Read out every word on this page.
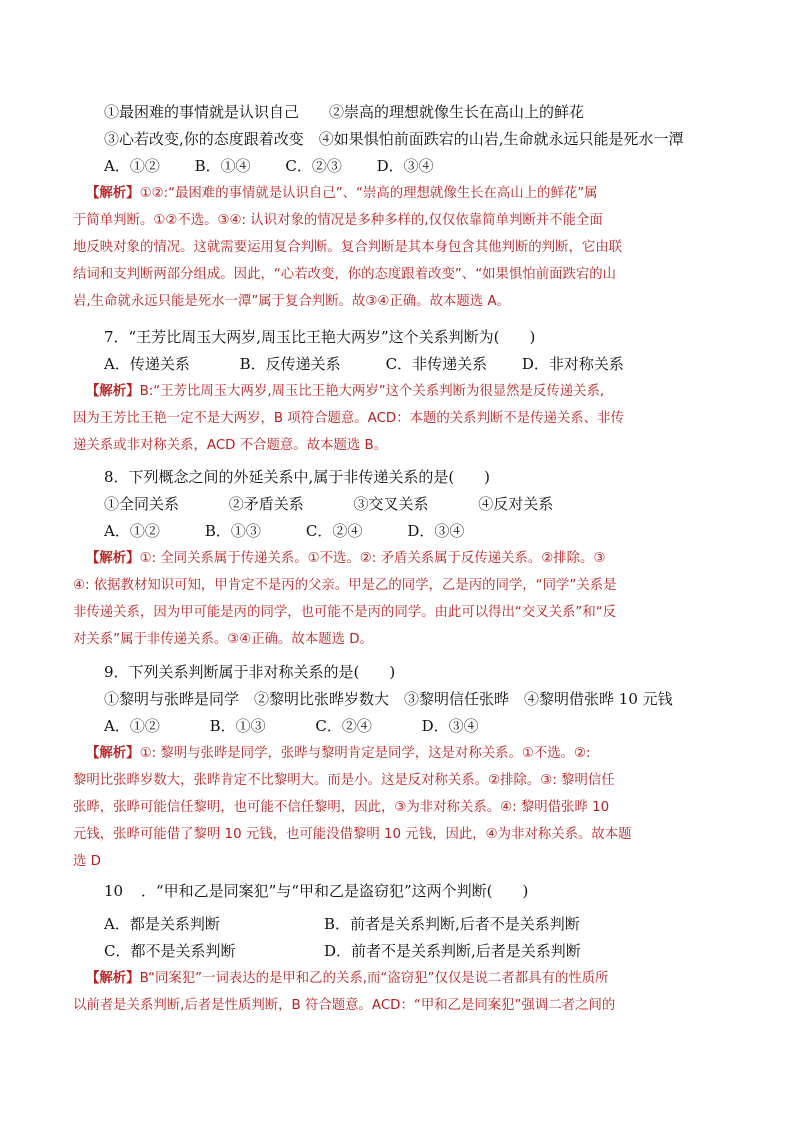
①最困难的事情就是认识自己　　②崇高的理想就像生长在高山上的鲜花
③心若改变,你的态度跟着改变　④如果惧怕前面跌宕的山岩,生命就永远只能是死水一潭
A．①②　　 B．①④　　 C．②③　　 D．③④
【解析】①②:“最困难的事情就是认识自己”、“崇高的理想就像生长在高山上的鲜花”属
于简单判断。①②不选。③④: 认识对象的情况是多种多样的,仅仅依靠简单判断并不能全面
地反映对象的情况。这就需要运用复合判断。复合判断是其本身包含其他判断的判断，它由联
结词和支判断两部分组成。因此，“心若改变，你的态度跟着改变”、“如果惧怕前面跌宕的山
岩,生命就永远只能是死水一潭”属于复合判断。故③④正确。故本题选 A。
7．“王芳比周玉大两岁,周玉比王艳大两岁”这个关系判断为(　　)
A．传递关系　　　 B．反传递关系　　　C．非传递关系　　 D．非对称关系
【解析】B:“王芳比周玉大两岁,周玉比王艳大两岁”这个关系判断为很显然是反传递关系,
因为王芳比王艳一定不是大两岁，B 项符合题意。ACD：本题的关系判断不是传递关系、非传
递关系或非对称关系，ACD 不合题意。故本题选 B。
8．下列概念之间的外延关系中,属于非传递关系的是(　　)
①全同关系　　　 ②矛盾关系　　　 ③交叉关系　　　 ④反对关系
A．①②　　　B．①③　　　C．②④　　　D．③④
【解析】①: 全同关系属于传递关系。①不选。②: 矛盾关系属于反传递关系。②排除。③
④: 依据教材知识可知，甲肯定不是丙的父亲。甲是乙的同学，乙是丙的同学，“同学”关系是
非传递关系，因为甲可能是丙的同学，也可能不是丙的同学。由此可以得出“交叉关系”和“反
对关系”属于非传递关系。③④正确。故本题选 D。
9．下列关系判断属于非对称关系的是(　　)
①黎明与张晔是同学　②黎明比张晔岁数大　③黎明信任张晔　④黎明借张晔 10 元钱
A．①②　　　 B．①③　　　 C．②④　　　 D．③④
【解析】①: 黎明与张晔是同学，张晔与黎明肯定是同学，这是对称关系。①不选。②:
黎明比张晔岁数大，张晔肯定不比黎明大。而是小。这是反对称关系。②排除。③: 黎明信任
张晔，张晔可能信任黎明，也可能不信任黎明，因此，③为非对称关系。④: 黎明借张晔 10
元钱，张晔可能借了黎明 10 元钱，也可能没借黎明 10 元钱，因此，④为非对称关系。故本题
选 D
10 ．“甲和乙是同案犯”与“甲和乙是盗窃犯”这两个判断(　　)
A．都是关系判断	B．前者是关系判断,后者不是关系判断
C．都不是关系判断	D．前者不是关系判断,后者是关系判断
【解析】B“同案犯”一词表达的是甲和乙的关系,而“盗窃犯”仅仅是说二者都具有的性质所
以前者是关系判断,后者是性质判断，B 符合题意。ACD：“甲和乙是同案犯”强调二者之间的
